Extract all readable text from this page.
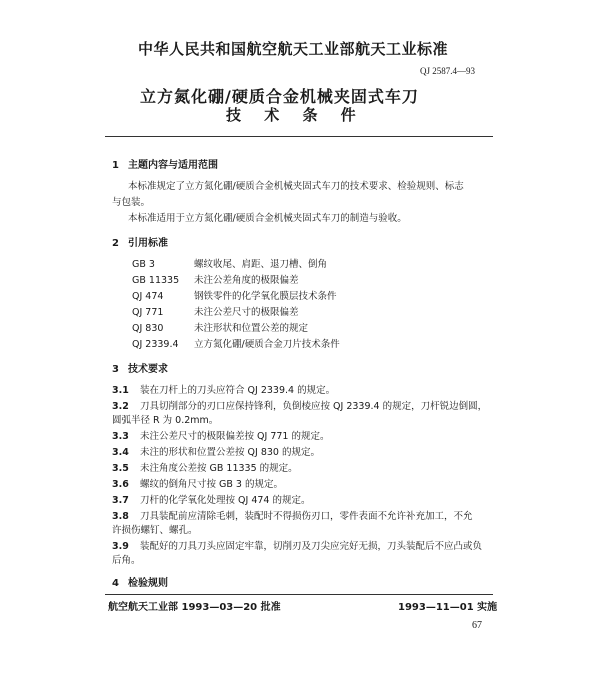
中华人民共和国航空航天工业部航天工业标准
QJ 2587.4—93
立方氮化硼/硬质合金机械夹固式车刀
技 术 条 件
1 主题内容与适用范围
本标准规定了立方氮化硼/硬质合金机械夹固式车刀的技术要求、检验规则、标志
与包装。
本标准适用于立方氮化硼/硬质合金机械夹固式车刀的制造与验收。
2 引用标准
GB 3	螺纹收尾、肩距、退刀槽、倒角
GB 11335 未注公差角度的极限偏差
QJ 474	钢铁零件的化学氧化膜层技术条件
QJ 771	未注公差尺寸的极限偏差
QJ 830	未注形状和位置公差的规定
QJ 2339.4 立方氮化硼/硬质合金刀片技术条件
3 技术要求
3.1 装在刀杆上的刀头应符合 QJ 2339.4 的规定。
3.2 刀具切削部分的刃口应保持锋利，负倒棱应按 QJ 2339.4 的规定，刀杆锐边倒圆，
圆弧半径 R 为 0.2mm。
3.3 未注公差尺寸的极限偏差按 QJ 771 的规定。
3.4 未注的形状和位置公差按 QJ 830 的规定。
3.5 未注角度公差按 GB 11335 的规定。
3.6 螺纹的倒角尺寸按 GB 3 的规定。
3.7 刀杆的化学氧化处理按 QJ 474 的规定。
3.8 刀具装配前应清除毛刺，装配时不得损伤刃口，零件表面不允许补充加工，不允
许损伤螺钉、螺孔。
3.9 装配好的刀具刀头应固定牢靠，切削刃及刀尖应完好无损，刀头装配后不应凸或负
后角。
4 检验规则
航空航天工业部 1993—03—20 批准	1993—11—01 实施
67
